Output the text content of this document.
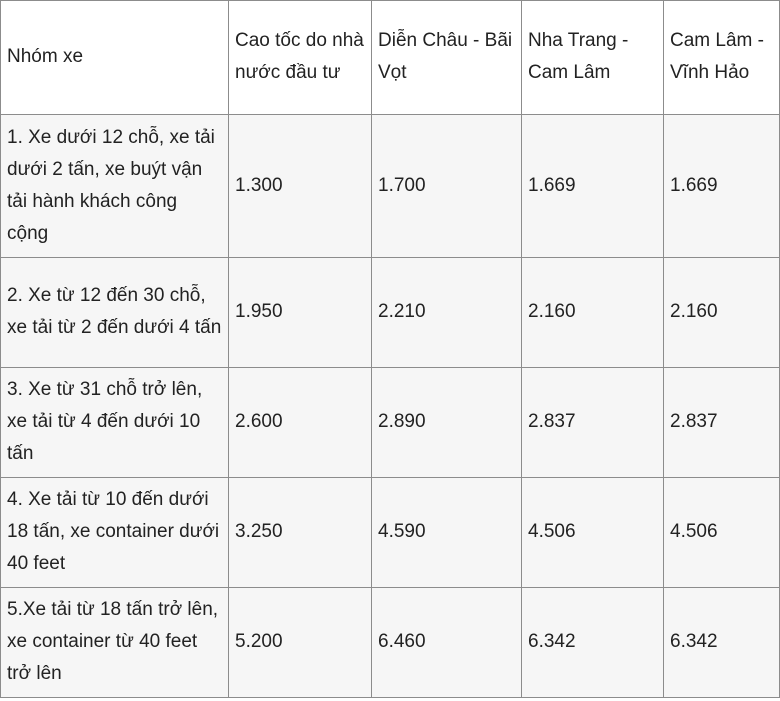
Nhóm xe	Cao tốc do nhà nước đầu tư	Diễn Châu - Bãi Vọt	Nha Trang - Cam Lâm	Cam Lâm - Vĩnh Hảo
1. Xe dưới 12 chỗ, xe tải dưới 2 tấn, xe buýt vận tải hành khách công cộng	1.300	1.700	1.669	1.669
2. Xe từ 12 đến 30 chỗ, xe tải từ 2 đến dưới 4 tấn	1.950	2.210	2.160	2.160
3. Xe từ 31 chỗ trở lên, xe tải từ 4 đến dưới 10 tấn	2.600	2.890	2.837	2.837
4. Xe tải từ 10 đến dưới 18 tấn, xe container dưới 40 feet	3.250	4.590	4.506	4.506
5.Xe tải từ 18 tấn trở lên, xe container từ 40 feet trở lên	5.200	6.460	6.342	6.342
